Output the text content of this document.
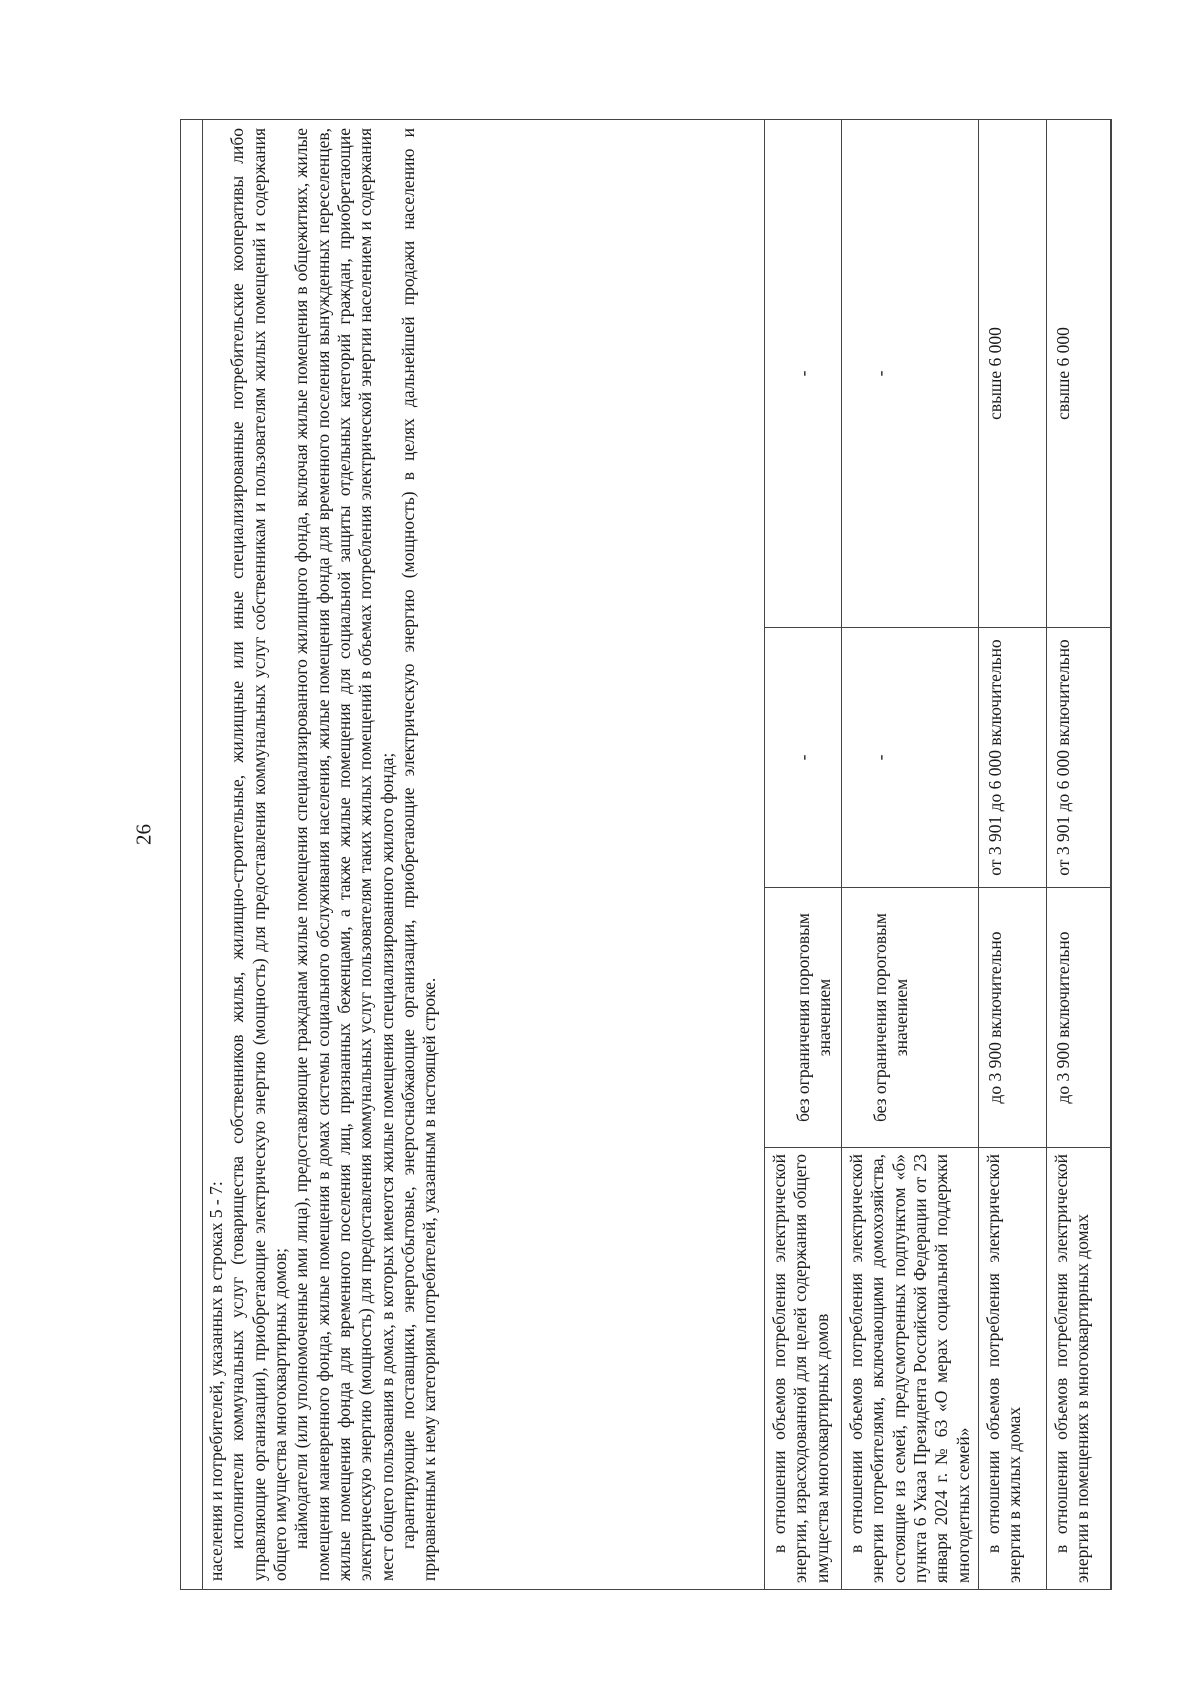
26

населения и потребителей, указанных в строках 5 - 7: исполнители коммунальных услуг (товарищества собственников жилья, жилищно-строительные, жилищные или иные специализированные потребительские кооперативы либо управляющие организации), приобретающие электрическую энергию (мощность) для предоставления коммунальных услуг собственникам и пользователям жилых помещений и содержания общего имущества многоквартирных домов; наймодатели (или уполномоченные ими лица), предоставляющие гражданам жилые помещения специализированного жилищного фонда, включая жилые помещения в общежитиях, жилые помещения маневренного фонда, жилые помещения в домах системы социального обслуживания населения, жилые помещения фонда для временного поселения вынужденных переселенцев, жилые помещения фонда для временного поселения лиц, признанных беженцами, а также жилые помещения для социальной защиты отдельных категорий граждан, приобретающие электрическую энергию (мощность) для предоставления коммунальных услуг пользователям таких жилых помещений в объемах потребления электрической энергии населением и содержания мест общего пользования в домах, в которых имеются жилые помещения специализированного жилого фонда; гарантирующие поставщики, энергосбытовые, энергоснабжающие организации, приобретающие электрическую энергию (мощность) в целях дальнейшей продажи населению и приравненным к нему категориям потребителей, указанным в настоящей строке.			

в отношении объемов потребления электрической энергии, израсходованной для целей содержания общего имущества многоквартирных домов	без ограничения пороговым значением	-	-

в отношении объемов потребления электрической энергии потребителями, включающими домохозяйства, состоящие из семей, предусмотренных подпунктом «б» пункта 6 Указа Президента Российской Федерации от 23 января 2024 г. № 63 «О мерах социальной поддержки многодетных семей»	без ограничения пороговым значением	-	-

в отношении объемов потребления электрической энергии в жилых домах	до 3 900 включительно	от 3 901 до 6 000 включительно	свыше 6 000

в отношении объемов потребления электрической энергии в помещениях в многоквартирных домах	до 3 900 включительно	от 3 901 до 6 000 включительно	свыше 6 000
